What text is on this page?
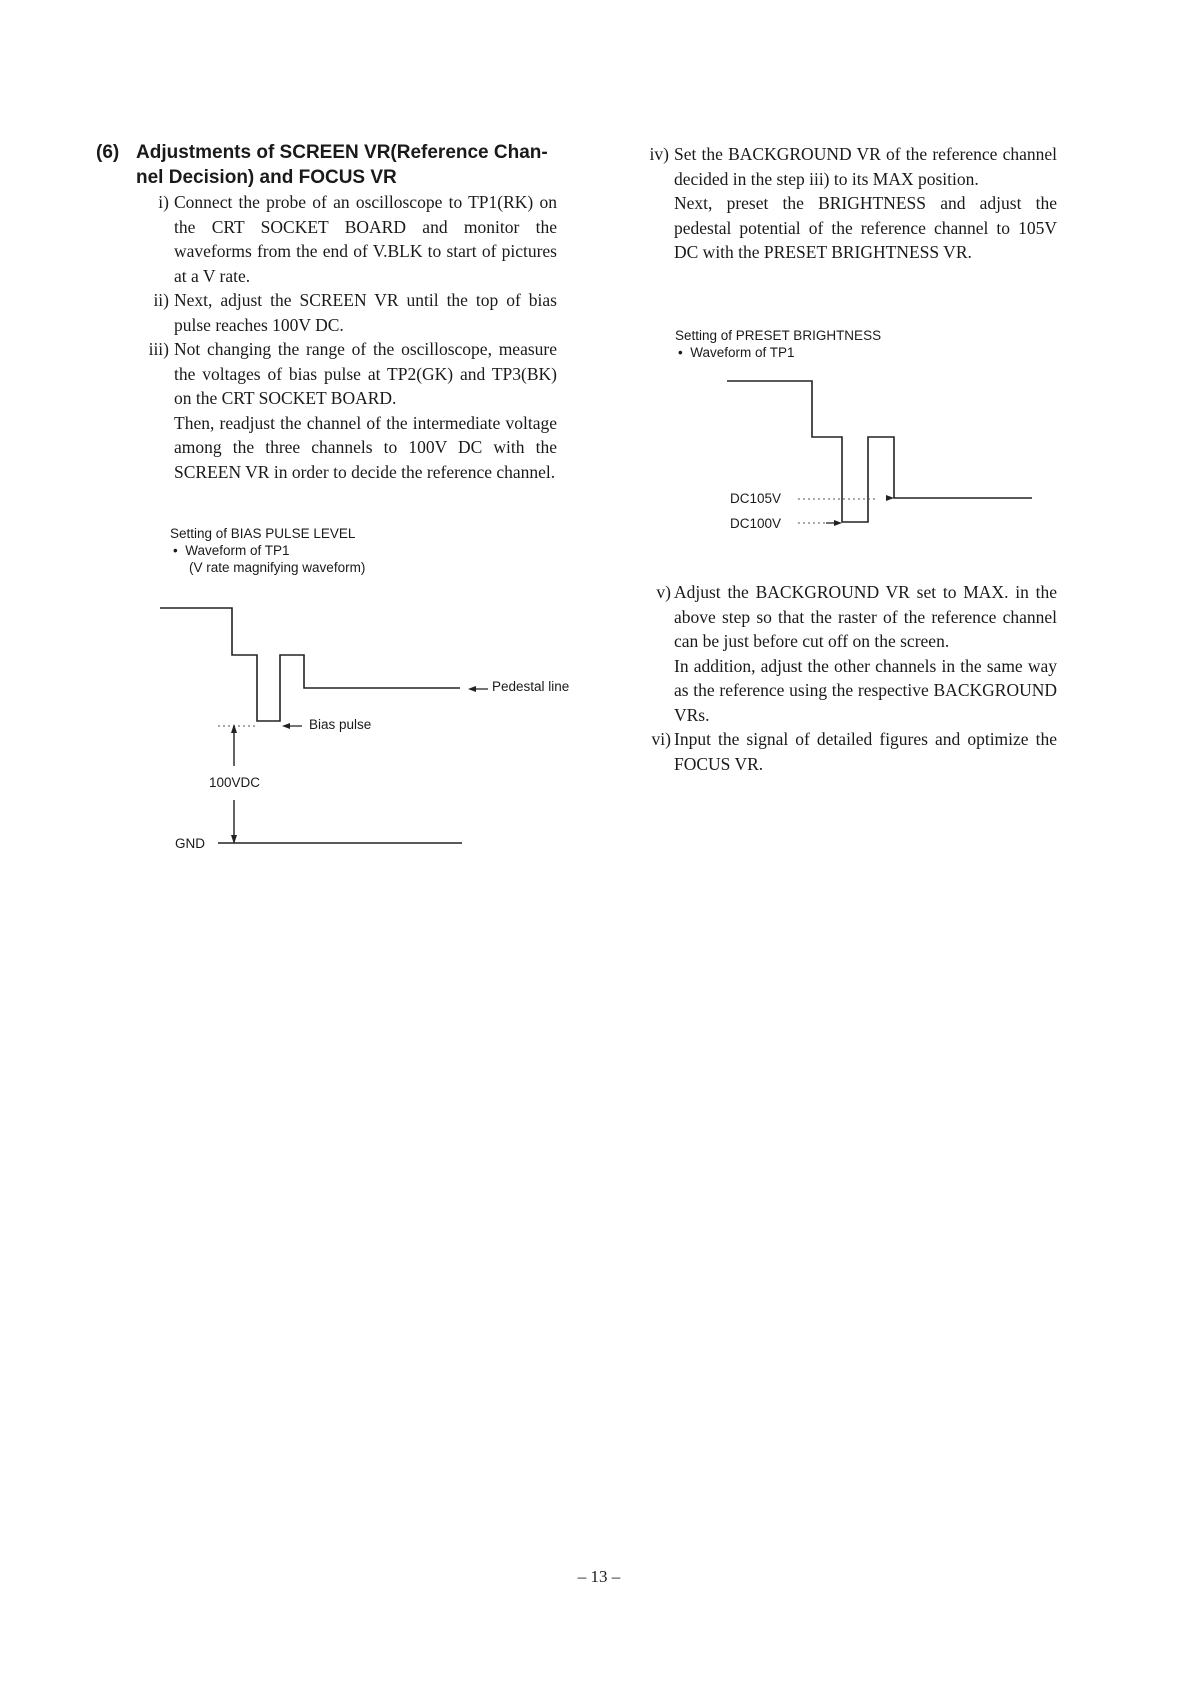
(6) Adjustments of SCREEN VR(Reference Chan-
nel Decision) and FOCUS VR
i) Connect the probe of an oscilloscope to TP1(RK) on the CRT SOCKET BOARD and monitor the waveforms from the end of V.BLK to start of pictures at a V rate.
ii) Next, adjust the SCREEN VR until the top of bias pulse reaches 100V DC.
iii) Not changing the range of the oscilloscope, measure the voltages of bias pulse at TP2(GK) and TP3(BK) on the CRT SOCKET BOARD.

Then, readjust the channel of the intermediate voltage among the three channels to 100V DC with the SCREEN VR in order to decide the reference channel.

Setting of BIAS PULSE LEVEL
• Waveform of TP1
(V rate magnifying waveform)
Pedestal line
Bias pulse
100VDC
GND
iv) Set the BACKGROUND VR of the reference channel decided in the step iii) to its MAX position.

Next, preset the BRIGHTNESS and adjust the pedestal potential of the reference channel to 105V DC with the PRESET BRIGHTNESS VR.

Setting of PRESET BRIGHTNESS
• Waveform of TP1
DC105V
DC100V
v) Adjust the BACKGROUND VR set to MAX. in the above step so that the raster of the reference channel can be just before cut off on the screen.

In addition, adjust the other channels in the same way as the reference using the respective BACKGROUND VRs.

vi) Input the signal of detailed figures and optimize the FOCUS VR.
– 13 –
